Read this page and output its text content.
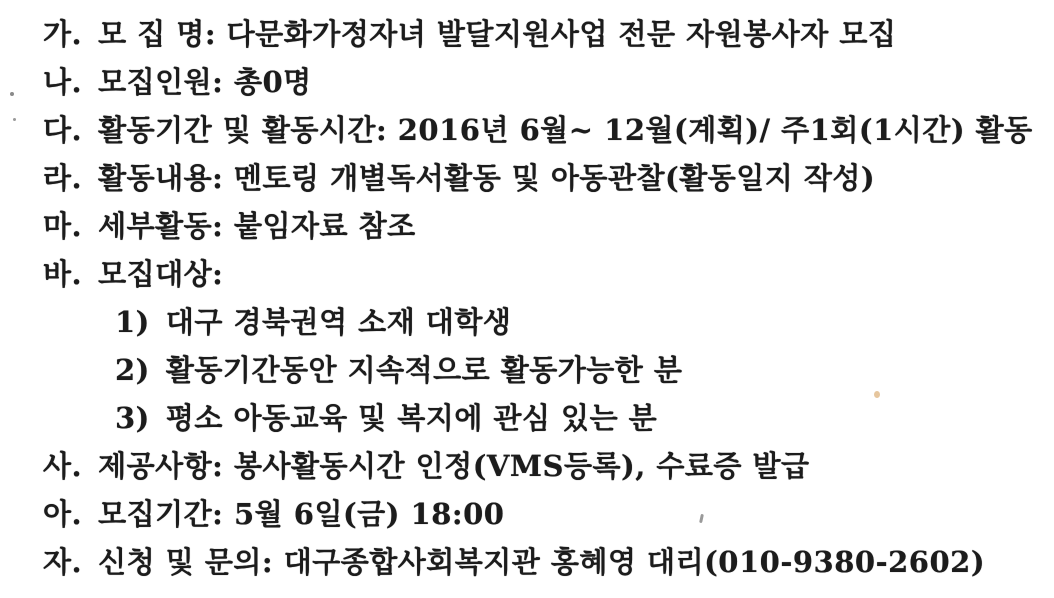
가. 모 집 명: 다문화가정자녀 발달지원사업 전문 자원봉사자 모집
나. 모집인원: 총0명
다. 활동기간 및 활동시간: 2016년 6월~ 12월(계획)/ 주1회(1시간) 활동
라. 활동내용: 멘토링 개별독서활동 및 아동관찰(활동일지 작성)
마. 세부활동: 붙임자료 참조
바. 모집대상:
1) 대구 경북권역 소재 대학생
2) 활동기간동안 지속적으로 활동가능한 분
3) 평소 아동교육 및 복지에 관심 있는 분
사. 제공사항: 봉사활동시간 인정(VMS등록), 수료증 발급
아. 모집기간: 5월 6일(금) 18:00
자. 신청 및 문의: 대구종합사회복지관 홍혜영 대리(010-9380-2602)
